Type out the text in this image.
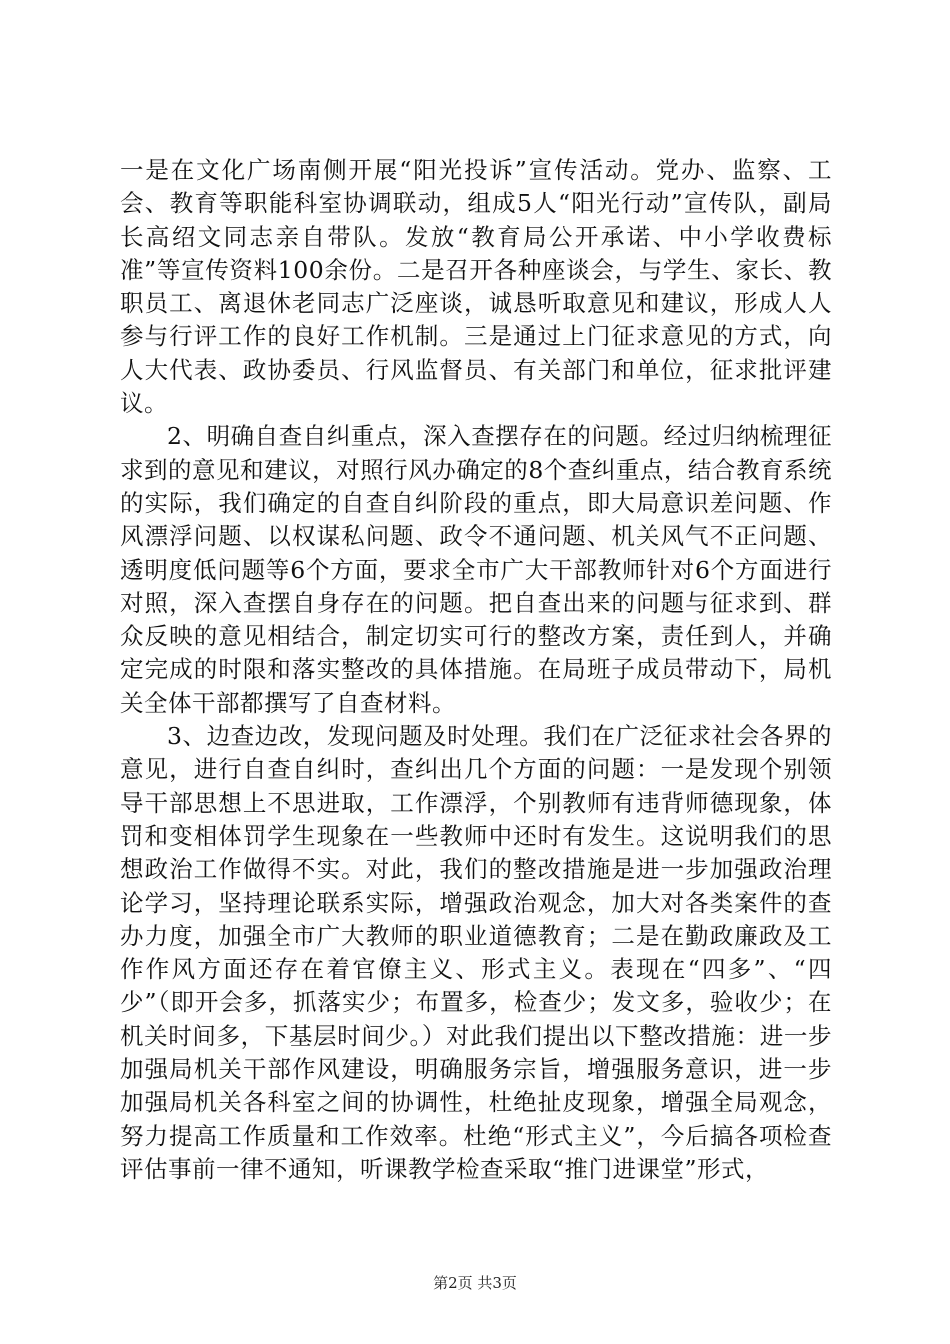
一是在文化广场南侧开展“阳光投诉”宣传活动。党办、监察、工会、教育等职能科室协调联动，组成5人“阳光行动”宣传队，副局长高绍文同志亲自带队。发放“教育局公开承诺、中小学收费标准”等宣传资料100余份。二是召开各种座谈会，与学生、家长、教职员工、离退休老同志广泛座谈，诚恳听取意见和建议，形成人人参与行评工作的良好工作机制。三是通过上门征求意见的方式，向人大代表、政协委员、行风监督员、有关部门和单位，征求批评建议。

2、明确自查自纠重点，深入查摆存在的问题。经过归纳梳理征求到的意见和建议，对照行风办确定的8个查纠重点，结合教育系统的实际，我们确定的自查自纠阶段的重点，即大局意识差问题、作风漂浮问题、以权谋私问题、政令不通问题、机关风气不正问题、透明度低问题等6个方面，要求全市广大干部教师针对6个方面进行对照，深入查摆自身存在的问题。把自查出来的问题与征求到、群众反映的意见相结合，制定切实可行的整改方案，责任到人，并确定完成的时限和落实整改的具体措施。在局班子成员带动下，局机关全体干部都撰写了自查材料。

3、边查边改，发现问题及时处理。我们在广泛征求社会各界的意见，进行自查自纠时，查纠出几个方面的问题：一是发现个别领导干部思想上不思进取，工作漂浮，个别教师有违背师德现象，体罚和变相体罚学生现象在一些教师中还时有发生。这说明我们的思想政治工作做得不实。对此，我们的整改措施是进一步加强政治理论学习，坚持理论联系实际，增强政治观念，加大对各类案件的查办力度，加强全市广大教师的职业道德教育；二是在勤政廉政及工作作风方面还存在着官僚主义、形式主义。表现在“四多”、“四少”（即开会多，抓落实少；布置多，检查少；发文多，验收少；在机关时间多，下基层时间少。）对此我们提出以下整改措施：进一步加强局机关干部作风建设，明确服务宗旨，增强服务意识，进一步加强局机关各科室之间的协调性，杜绝扯皮现象，增强全局观念，努力提高工作质量和工作效率。杜绝“形式主义”，今后搞各项检查评估事前一律不通知，听课教学检查采取“推门进课堂”形式，

第2页 共3页
